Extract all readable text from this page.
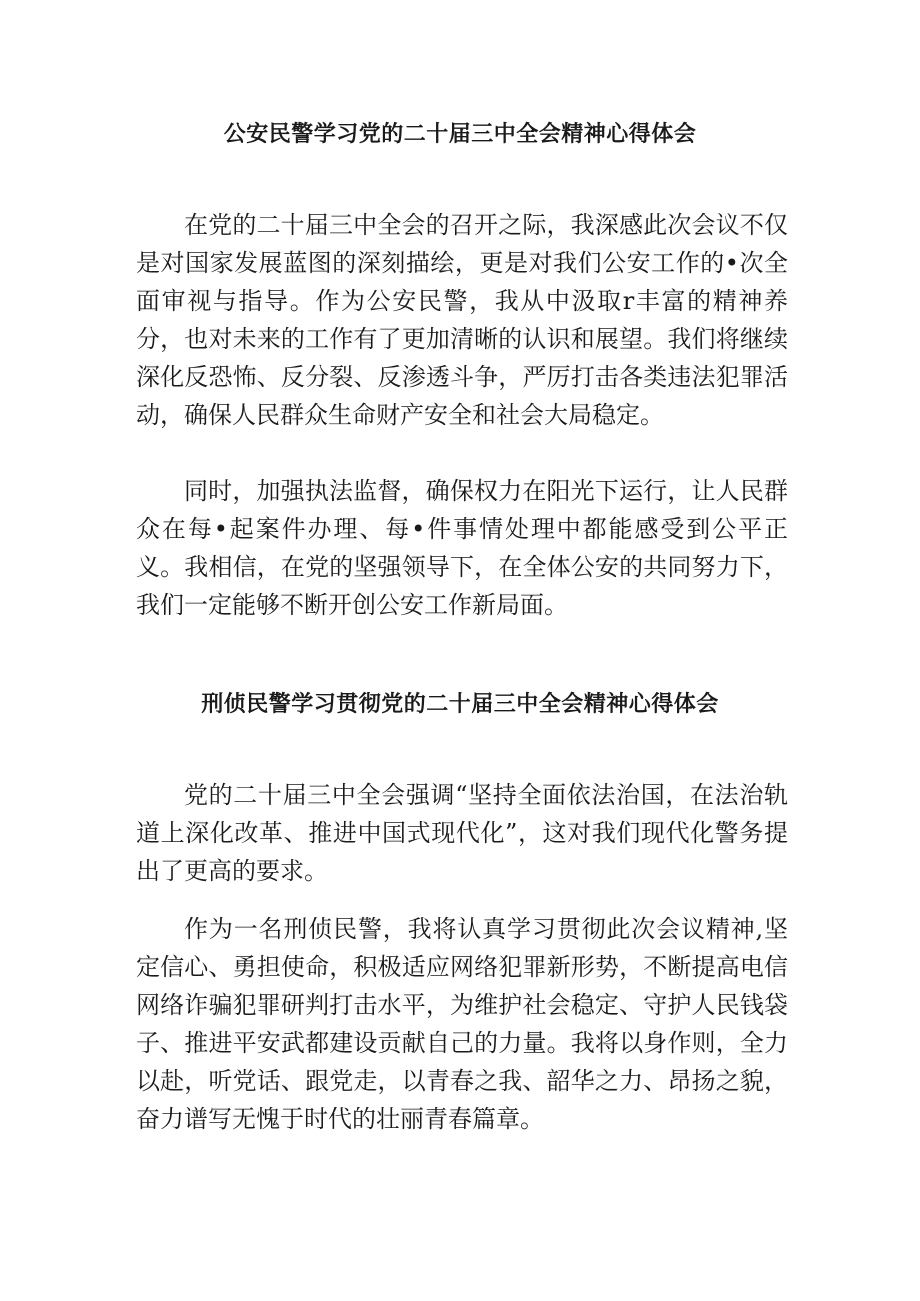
公安民警学习党的二十届三中全会精神心得体会

在党的二十届三中全会的召开之际，我深感此次会议不仅是对国家发展蓝图的深刻描绘，更是对我们公安工作的•次全面审视与指导。作为公安民警，我从中汲取r丰富的精神养分，也对未来的工作有了更加清晰的认识和展望。我们将继续深化反恐怖、反分裂、反渗透斗争，严厉打击各类违法犯罪活动，确保人民群众生命财产安全和社会大局稳定。

同时，加强执法监督，确保权力在阳光下运行，让人民群众在每•起案件办理、每•件事情处理中都能感受到公平正义。我相信，在党的坚强领导下，在全体公安的共同努力下，我们一定能够不断开创公安工作新局面。

刑侦民警学习贯彻党的二十届三中全会精神心得体会

党的二十届三中全会强调“坚持全面依法治国，在法治轨道上深化改革、推进中国式现代化”，这对我们现代化警务提出了更高的要求。

作为一名刑侦民警，我将认真学习贯彻此次会议精神,坚定信心、勇担使命，积极适应网络犯罪新形势，不断提高电信网络诈骗犯罪研判打击水平，为维护社会稳定、守护人民钱袋子、推进平安武都建设贡献自己的力量。我将以身作则，全力以赴，听党话、跟党走，以青春之我、韶华之力、昂扬之貌，奋力谱写无愧于时代的壮丽青春篇章。
